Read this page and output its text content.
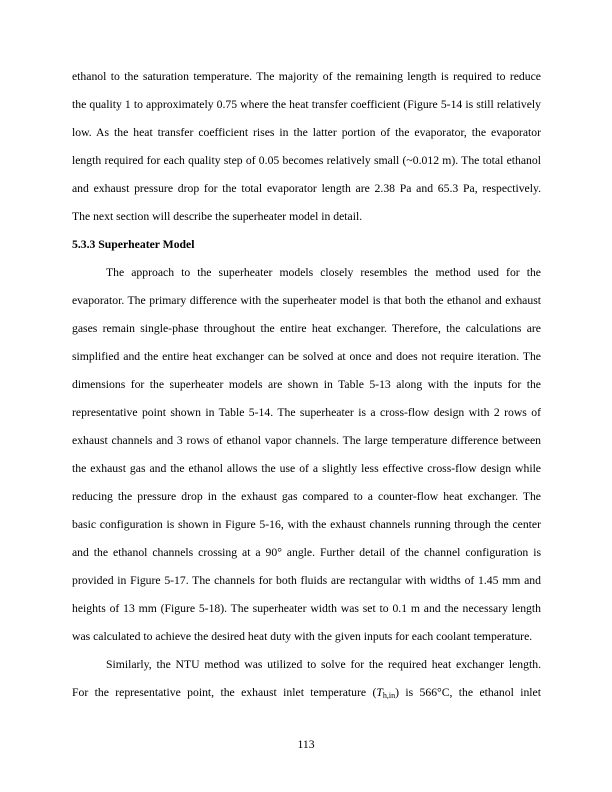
ethanol to the saturation temperature. The majority of the remaining length is required to reduce
the quality 1 to approximately 0.75 where the heat transfer coefficient (Figure 5-14 is still relatively
low. As the heat transfer coefficient rises in the latter portion of the evaporator, the evaporator
length required for each quality step of 0.05 becomes relatively small (~0.012 m). The total ethanol
and exhaust pressure drop for the total evaporator length are 2.38 Pa and 65.3 Pa, respectively.
The next section will describe the superheater model in detail.
5.3.3 Superheater Model
The approach to the superheater models closely resembles the method used for the
evaporator. The primary difference with the superheater model is that both the ethanol and exhaust
gases remain single-phase throughout the entire heat exchanger. Therefore, the calculations are
simplified and the entire heat exchanger can be solved at once and does not require iteration. The
dimensions for the superheater models are shown in Table 5-13 along with the inputs for the
representative point shown in Table 5-14. The superheater is a cross-flow design with 2 rows of
exhaust channels and 3 rows of ethanol vapor channels. The large temperature difference between
the exhaust gas and the ethanol allows the use of a slightly less effective cross-flow design while
reducing the pressure drop in the exhaust gas compared to a counter-flow heat exchanger. The
basic configuration is shown in Figure 5-16, with the exhaust channels running through the center
and the ethanol channels crossing at a 90° angle. Further detail of the channel configuration is
provided in Figure 5-17. The channels for both fluids are rectangular with widths of 1.45 mm and
heights of 13 mm (Figure 5-18). The superheater width was set to 0.1 m and the necessary length
was calculated to achieve the desired heat duty with the given inputs for each coolant temperature.
Similarly, the NTU method was utilized to solve for the required heat exchanger length.
For the representative point, the exhaust inlet temperature $(T_{h,in})$ is 566°C, the ethanol inlet
113
